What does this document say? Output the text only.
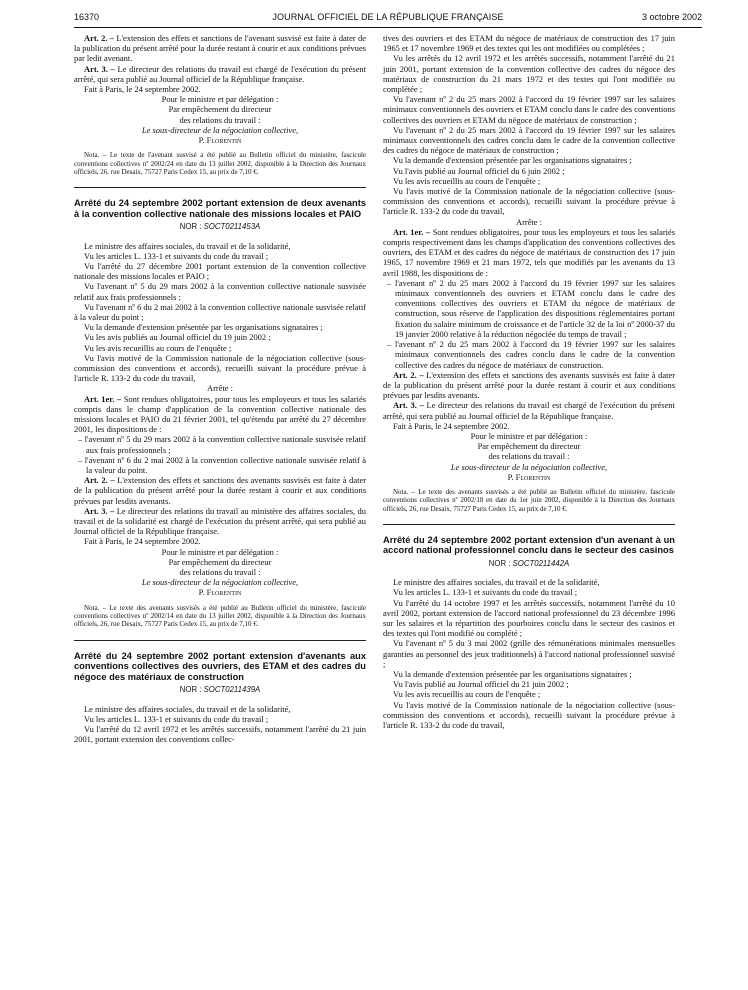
16370	JOURNAL OFFICIEL DE LA RÉPUBLIQUE FRANÇAISE	3 octobre 2002

Art. 2. – L'extension des effets et sanctions de l'avenant susvisé est faite à dater de la publication du présent arrêté pour la durée restant à courir et aux conditions prévues par ledit avenant.

Art. 3. – Le directeur des relations du travail est chargé de l'exécution du présent arrêté, qui sera publié au Journal officiel de la République française.

Fait à Paris, le 24 septembre 2002.

Pour le ministre et par délégation :

Par empêchement du directeur

des relations du travail :

Le sous-directeur de la négociation collective,

P. Florentin

Nota. – Le texte de l'avenant susvisé a été publié au Bulletin officiel du ministère, fascicule conventions collectives nº 2002/24 en date du 13 juillet 2002, disponible à la Direction des Journaux officiels, 26, rue Desaix, 75727 Paris Cedex 15, au prix de 7,10 €.

Arrêté du 24 septembre 2002 portant extension de deux avenants à la convention collective nationale des missions locales et PAIO

NOR : SOCT0211453A

Le ministre des affaires sociales, du travail et de la solidarité,

Vu les articles L. 133-1 et suivants du code du travail ;

Vu l'arrêté du 27 décembre 2001 portant extension de la convention collective nationale des missions locales et PAIO ;

Vu l'avenant nº 5 du 29 mars 2002 à la convention collective nationale susvisée relatif aux frais professionnels ;

Vu l'avenant nº 6 du 2 mai 2002 à la convention collective nationale susvisée relatif à la valeur du point ;

Vu la demande d'extension présentée par les organisations signataires ;

Vu les avis publiés au Journal officiel du 19 juin 2002 ;

Vu les avis recueillis au cours de l'enquête ;

Vu l'avis motivé de la Commission nationale de la négociation collective (sous-commission des conventions et accords), recueilli suivant la procédure prévue à l'article R. 133-2 du code du travail,

Arrête :

Art. 1er. – Sont rendues obligatoires, pour tous les employeurs et tous les salariés compris dans le champ d'application de la convention collective nationale des missions locales et PAIO du 21 février 2001, tel qu'étendu par arrêté du 27 décembre 2001, les dispositions de :

– l'avenant nº 5 du 29 mars 2002 à la convention collective nationale susvisée relatif aux frais professionnels ;

– l'avenant nº 6 du 2 mai 2002 à la convention collective nationale susvisée relatif à la valeur du point.

Art. 2. – L'extension des effets et sanctions des avenants susvisés est faite à dater de la publication du présent arrêté pour la durée restant à courir et aux conditions prévues par lesdits avenants.

Art. 3. – Le directeur des relations du travail au ministère des affaires sociales, du travail et de la solidarité est chargé de l'exécution du présent arrêté, qui sera publié au Journal officiel de la République française.

Fait à Paris, le 24 septembre 2002.

Pour le ministre et par délégation :

Par empêchement du directeur

des relations du travail :

Le sous-directeur de la négociation collective,

P. Florentin

Nota. – Le texte des avenants susvisés a été publié au Bulletin officiel du ministère, fascicule conventions collectives nº 2002/14 en date du 13 juillet 2002, disponible à la Direction des Journaux officiels, 26, rue Desaix, 75727 Paris Cedex 15, au prix de 7,10 €.

Arrêté du 24 septembre 2002 portant extension d'avenants aux conventions collectives des ouvriers, des ETAM et des cadres du négoce des matériaux de construction

NOR : SOCT0211439A

Le ministre des affaires sociales, du travail et de la solidarité,

Vu les articles L. 133-1 et suivants du code du travail ;

Vu l'arrêté du 12 avril 1972 et les arrêtés successifs, notamment l'arrêté du 21 juin 2001, portant extension des conventions collec-

tives des ouvriers et des ETAM du négoce de matériaux de construction des 17 juin 1965 et 17 novembre 1969 et des textes qui les ont modifiées ou complétées ;

Vu les arrêtés du 12 avril 1972 et les arrêtés successifs, notamment l'arrêté du 21 juin 2001, portant extension de la convention collective des cadres du négoce des matériaux de construction du 21 mars 1972 et des textes qui l'ont modifiée ou complétée ;

Vu l'avenant nº 2 du 25 mars 2002 à l'accord du 19 février 1997 sur les salaires minimaux conventionnels des ouvriers et ETAM conclu dans le cadre des conventions collectives des ouvriers et ETAM du négoce de matériaux de construction ;

Vu l'avenant nº 2 du 25 mars 2002 à l'accord du 19 février 1997 sur les salaires minimaux conventionnels des cadres conclu dans le cadre de la convention collective des cadres du négoce de matériaux de construction ;

Vu la demande d'extension présentée par les organisations signataires ;

Vu l'avis publié au Journal officiel du 6 juin 2002 ;

Vu les avis recueillis au cours de l'enquête ;

Vu l'avis motivé de la Commission nationale de la négociation collective (sous-commission des conventions et accords), recueilli suivant la procédure prévue à l'article R. 133-2 du code du travail,

Arrête :

Art. 1er. – Sont rendues obligatoires, pour tous les employeurs et tous les salariés compris respectivement dans les champs d'application des conventions collectives des ouvriers, des ETAM et des cadres du négoce de matériaux de construction des 17 juin 1965, 17 novembre 1969 et 21 mars 1972, tels que modifiés par les avenants du 13 avril 1988, les dispositions de :

– l'avenant nº 2 du 25 mars 2002 à l'accord du 19 février 1997 sur les salaires minimaux conventionnels des ouvriers et ETAM conclu dans le cadre des conventions collectives des ouvriers et ETAM du négoce de matériaux de construction, sous réserve de l'application des dispositions réglementaires portant fixation du salaire minimum de croissance et de l'article 32 de la loi nº 2000-37 du 19 janvier 2000 relative à la réduction négociée du temps de travail ;

– l'avenant nº 2 du 25 mars 2002 à l'accord du 19 février 1997 sur les salaires minimaux conventionnels des cadres conclu dans le cadre de la convention collective des cadres du négoce de matériaux de construction.

Art. 2. – L'extension des effets et sanctions des avenants susvisés est faite à dater de la publication du présent arrêté pour la durée restant à courir et aux conditions prévues par lesdits avenants.

Art. 3. – Le directeur des relations du travail est chargé de l'exécution du présent arrêté, qui sera publié au Journal officiel de la République française.

Fait à Paris, le 24 septembre 2002.

Pour le ministre et par délégation :

Par empêchement du directeur

des relations du travail :

Le sous-directeur de la négociation collective,

P. Florentin

Nota. – Le texte des avenants susvisés a été publié au Bulletin officiel du ministère, fascicule conventions collectives nº 2002/18 en date du 1er juin 2002, disponible à la Direction des Journaux officiels, 26, rue Desaix, 75727 Paris Cedex 15, au prix de 7,10 €.

Arrêté du 24 septembre 2002 portant extension d'un avenant à un accord national professionnel conclu dans le secteur des casinos

NOR : SOCT0211442A

Le ministre des affaires sociales, du travail et de la solidarité,

Vu les articles L. 133-1 et suivants du code du travail ;

Vu l'arrêté du 14 octobre 1997 et les arrêtés successifs, notamment l'arrêté du 10 avril 2002, portant extension de l'accord national professionnel du 23 décembre 1996 sur les salaires et la répartition des pourboires conclu dans le secteur des casinos et des textes qui l'ont modifié ou complété ;

Vu l'avenant nº 5 du 3 mai 2002 (grille des rémunérations minimales mensuelles garanties au personnel des jeux traditionnels) à l'accord national professionnel susvisé ;

Vu la demande d'extension présentée par les organisations signataires ;

Vu l'avis publié au Journal officiel du 21 juin 2002 ;

Vu les avis recueillis au cours de l'enquête ;

Vu l'avis motivé de la Commission nationale de la négociation collective (sous-commission des conventions et accords), recueilli suivant la procédure prévue à l'article R. 133-2 du code du travail,
